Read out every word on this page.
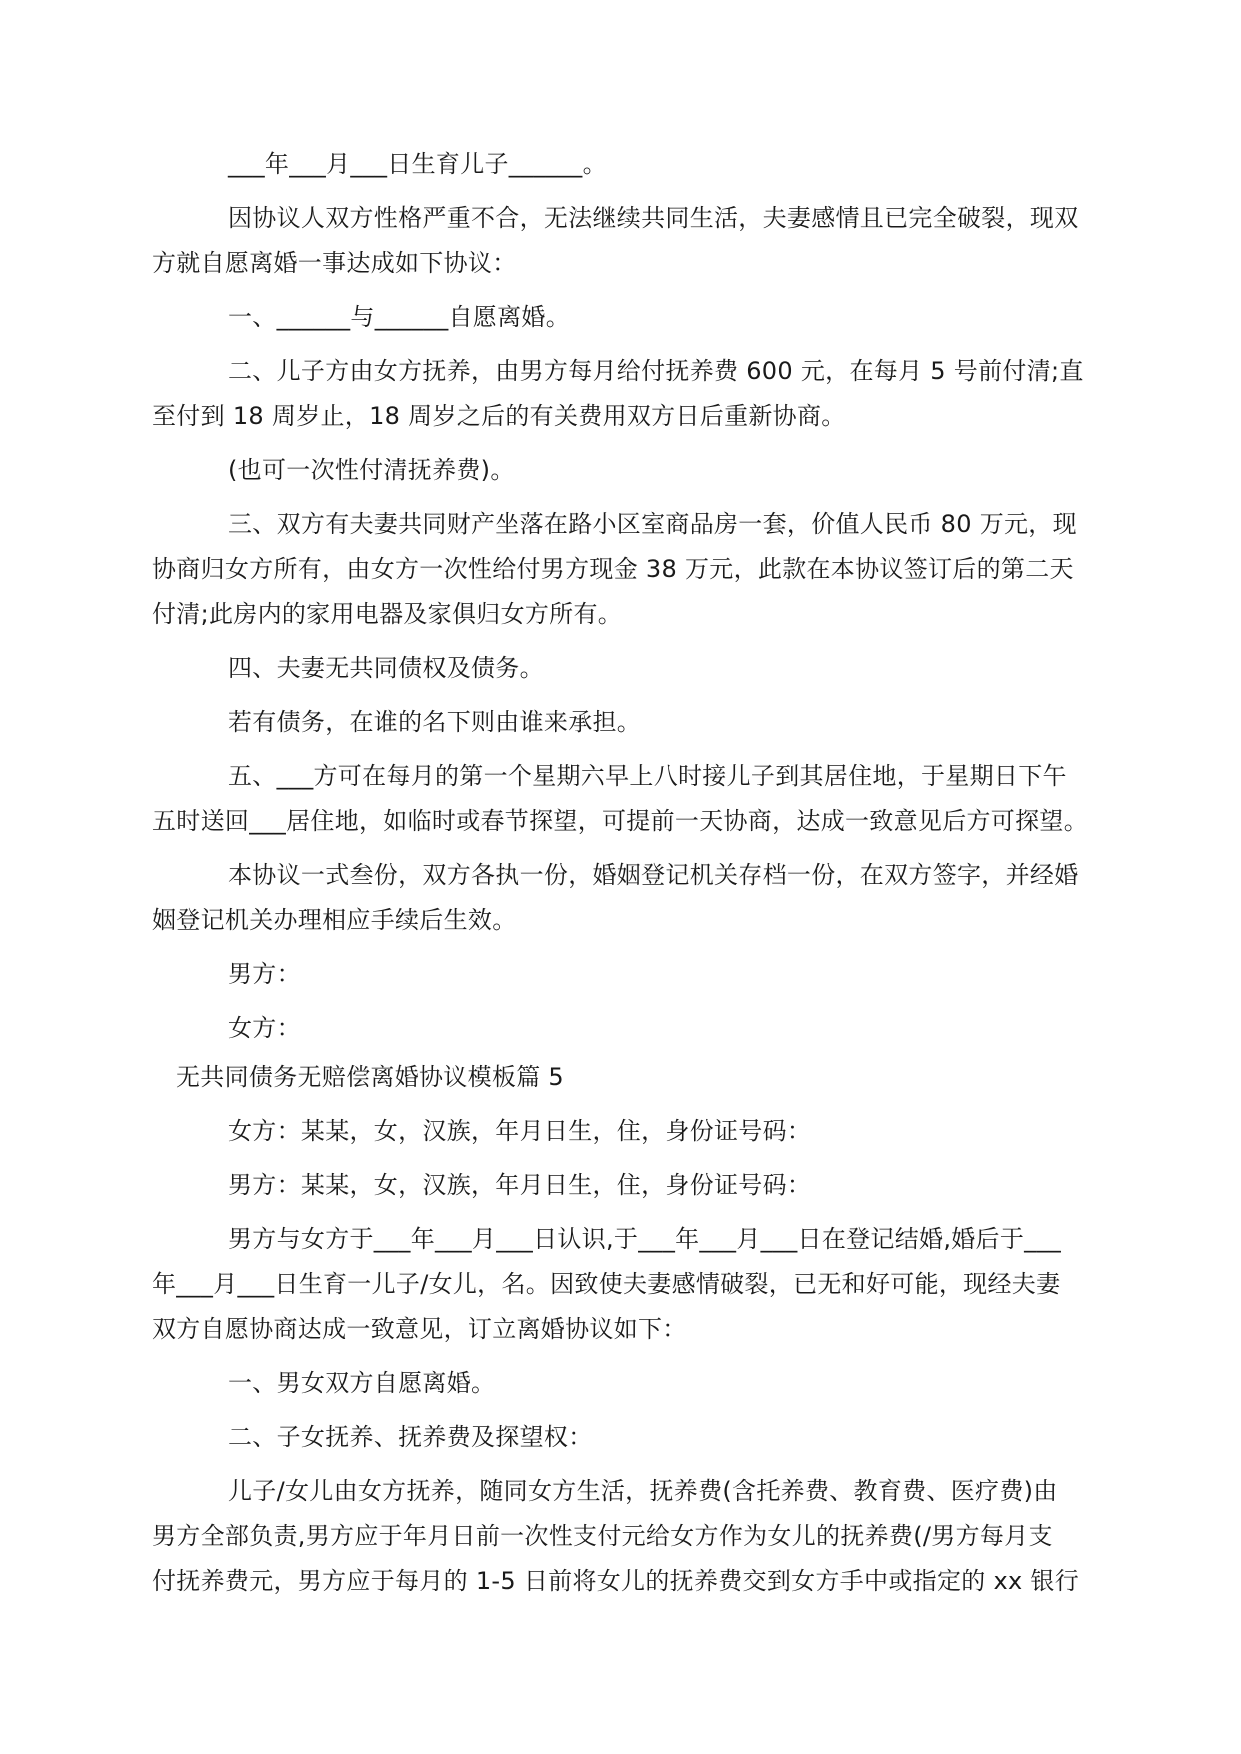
___年___月___日生育儿子______。
因协议人双方性格严重不合，无法继续共同生活，夫妻感情且已完全破裂，现双
方就自愿离婚一事达成如下协议：
一、______与______自愿离婚。
二、儿子方由女方抚养，由男方每月给付抚养费 600 元，在每月 5 号前付清;直
至付到 18 周岁止，18 周岁之后的有关费用双方日后重新协商。
(也可一次性付清抚养费)。
三、双方有夫妻共同财产坐落在路小区室商品房一套，价值人民币 80 万元，现
协商归女方所有，由女方一次性给付男方现金 38 万元，此款在本协议签订后的第二天
付清;此房内的家用电器及家俱归女方所有。
四、夫妻无共同债权及债务。
若有债务，在谁的名下则由谁来承担。
五、___方可在每月的第一个星期六早上八时接儿子到其居住地，于星期日下午
五时送回___居住地，如临时或春节探望，可提前一天协商，达成一致意见后方可探望。
本协议一式叁份，双方各执一份，婚姻登记机关存档一份，在双方签字，并经婚
姻登记机关办理相应手续后生效。
男方：
女方：
无共同债务无赔偿离婚协议模板篇 5
女方：某某，女，汉族，年月日生，住，身份证号码：
男方：某某，女，汉族，年月日生，住，身份证号码：
男方与女方于___年___月___日认识,于___年___月___日在登记结婚,婚后于___
年___月___日生育一儿子/女儿，名。因致使夫妻感情破裂，已无和好可能，现经夫妻
双方自愿协商达成一致意见，订立离婚协议如下：
一、男女双方自愿离婚。
二、子女抚养、抚养费及探望权：
儿子/女儿由女方抚养，随同女方生活，抚养费(含托养费、教育费、医疗费)由
男方全部负责,男方应于年月日前一次性支付元给女方作为女儿的抚养费(/男方每月支
付抚养费元，男方应于每月的 1-5 日前将女儿的抚养费交到女方手中或指定的 xx 银行
